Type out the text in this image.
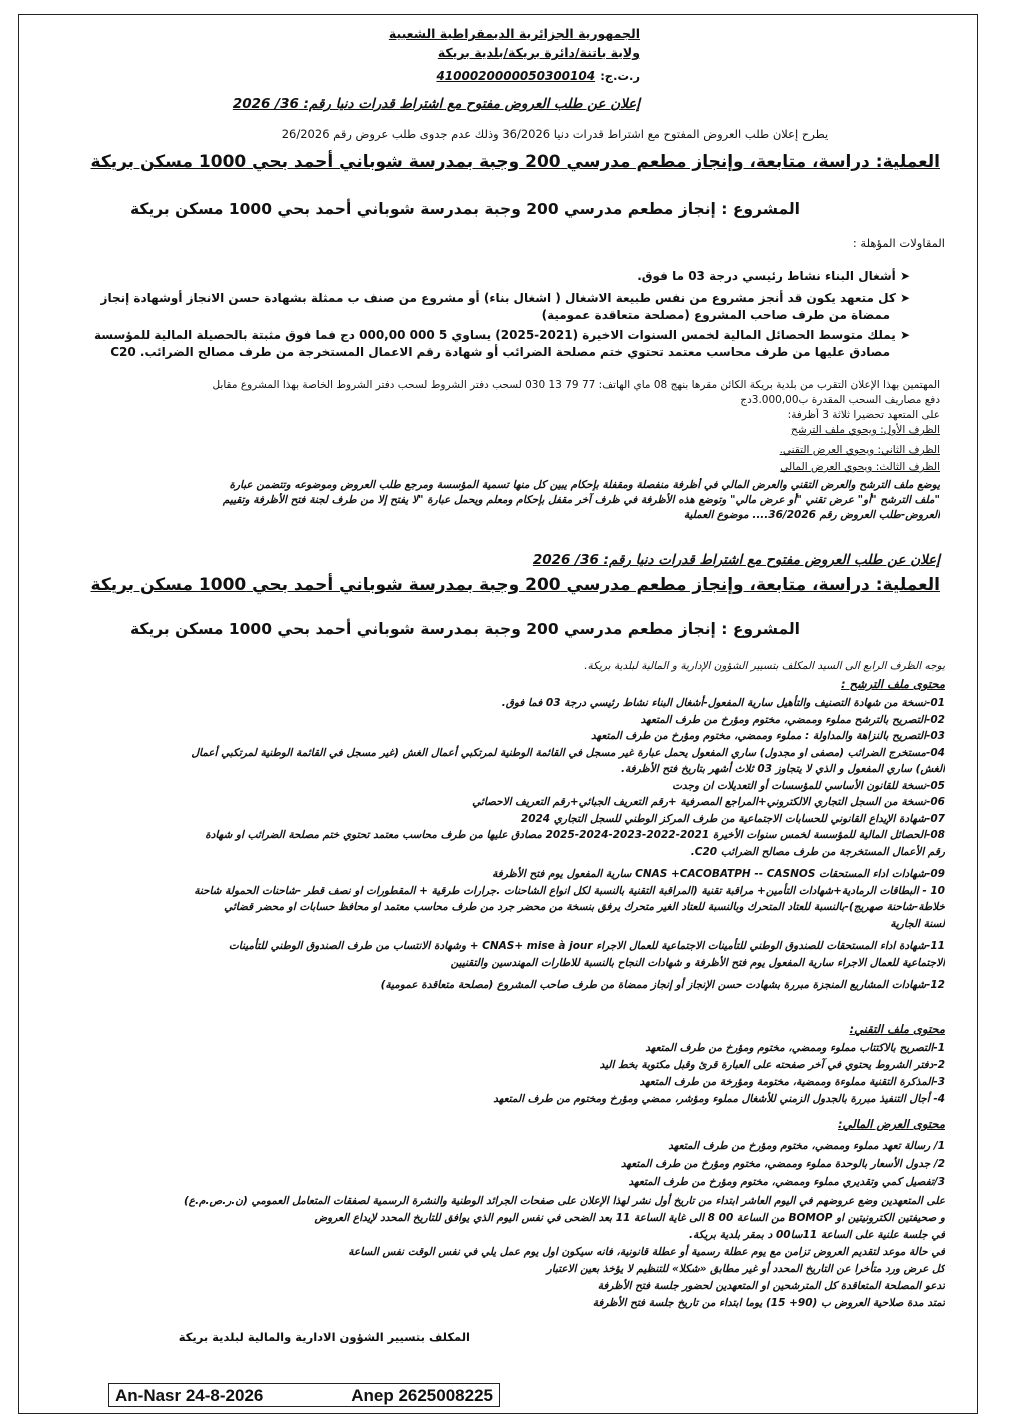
الجمهورية الجزائرية الديمقراطية الشعبية
ولاية باتنة/دائرة بريكة/بلدية بريكة
ر.ت.ج: 4100020000050300104
إعلان عن طلب العروض مفتوح مع اشتراط قدرات دنيا رقم: 36/ 2026
يطرح إعلان طلب العروض المفتوح مع اشتراط قدرات دنيا 36/2026 وذلك عدم جدوى طلب عروض رقم 26/2026
العملية: دراسة، متابعة، وإنجاز مطعم مدرسي 200 وجبة بمدرسة شوباني أحمد بحي 1000 مسكن بريكة
المشروع : إنجاز مطعم مدرسي 200 وجبة بمدرسة شوباني أحمد بحي 1000 مسكن بريكة
المقاولات المؤهلة :
➤ أشغال البناء نشاط رئيسي درجة 03 ما فوق.
➤ كل متعهد يكون قد أنجز مشروع من نفس طبيعة الاشغال ( اشغال بناء) أو مشروع من صنف ب ممثلة بشهادة حسن الانجاز أوشهادة إنجاز
ممضاة من طرف صاحب المشروع (مصلحة متعاقدة عمومية)
➤ يملك متوسط الحصائل المالية لخمس السنوات الاخيرة (2021-2025) يساوي 5 000 000,00 دج فما فوق مثبتة بالحصيلة المالية للمؤسسة
مصادق عليها من طرف محاسب معتمد تحتوي ختم مصلحة الضرائب أو شهادة رقم الاعمال المستخرجة من طرف مصالح الضرائب. C20
المهتمين بهذا الإعلان التقرب من بلدية بريكة الكائن مقرها بنهج 08 ماي الهاتف: 77 79 13 030 لسحب دفتر الشروط لسحب دفتر الشروط الخاصة بهذا المشروع مقابل
دفع مصاريف السحب المقدرة ب3.000,00دج
على المتعهد تحضيرا ثلاثة 3 أظرفة:
الظرف الأول: ويحوي ملف الترشح
الظرف الثاني: ويحوي العرض التقني.
الظرف الثالث: ويحوي العرض المالي
يوضع ملف الترشح والعرض التقني والعرض المالي في أظرفة منفصلة ومقفلة بإحكام يبين كل منها تسمية المؤسسة ومرجع طلب العروض وموضوعه وتتضمن عبارة
"ملف الترشح "أو" عرض تقني "أو عرض مالي" وتوضع هذه الأظرفة في ظرف آخر مقفل بإحكام ومعلم ويحمل عبارة "لا يفتح إلا من طرف لجنة فتح الأظرفة وتقييم
العروض-طلب العروض رقم 36/2026.... موضوع العملية
إعلان عن طلب العروض مفتوح مع اشتراط قدرات دنيا رقم: 36/ 2026
العملية: دراسة، متابعة، وإنجاز مطعم مدرسي 200 وجبة بمدرسة شوباني أحمد بحي 1000 مسكن بريكة
المشروع : إنجاز مطعم مدرسي 200 وجبة بمدرسة شوباني أحمد بحي 1000 مسكن بريكة
يوجه الظرف الرابع الى السيد المكلف بتسيير الشؤون الإدارية و المالية لبلدية بريكة.
محتوى ملف الترشح :
01-نسخة من شهادة التصنيف والتأهيل سارية المفعول-أشغال البناء نشاط رئيسي درجة 03 فما فوق.
02-التصريح بالترشح مملوء وممضي، مختوم ومؤرخ من طرف المتعهد
03-التصريح بالنزاهة والمداولة : مملوء وممضي، مختوم ومؤرخ من طرف المتعهد
04-مستخرج الضرائب (مصفى او مجدول) ساري المفعول يحمل عبارة غير مسجل في القائمة الوطنية لمرتكبي أعمال الغش (غير مسجل في القائمة الوطنية لمرتكبي أعمال
الغش) ساري المفعول و الذي لا يتجاوز 03 ثلاث أشهر بتاريخ فتح الأظرفة.
05-نسخة للقانون الأساسي للمؤسسات أو التعديلات ان وجدت
06-نسخة من السجل التجاري الالكتروني+المراجع المصرفية +رقم التعريف الجبائي+رقم التعريف الاحصائي
07-شهادة الإيداع القانوني للحسابات الاجتماعية من طرف المركز الوطني للسجل التجاري 2024
08-الحصائل المالية للمؤسسة لخمس سنوات الأخيرة 2021-2022-2023-2024-2025 مصادق عليها من طرف محاسب معتمد تحتوي ختم مصلحة الضرائب او شهادة
رقم الأعمال المستخرجة من طرف مصالح الضرائب C20.
09-شهادات اداء المستحقات CNAS +CACOBATPH -- CASNOS سارية المفعول يوم فتح الأظرفة
10 - البطاقات الرمادية+شهادات التأمين+ مراقبة تقنية (المراقبة التقنية بالنسبة لكل انواع الشاحنات .جرارات طرقية + المقطورات او نصف قطر -شاحنات الحمولة شاحنة
خلاطة-شاحنة صهريج)-بالنسبة للعتاد المتحرك وبالنسبة للعتاد الغير متحرك يرفق بنسخة من محضر جرد من طرف محاسب معتمد او محافظ حسابات او محضر قضائي
لسنة الجارية
11-شهادة اداء المستحقات للصندوق الوطني للتأمينات الاجتماعية للعمال الاجراء CNAS+ mise à jour + وشهادة الانتساب من طرف الصندوق الوطني للتأمينات
الاجتماعية للعمال الاجراء سارية المفعول يوم فتح الأظرفة و شهادات النجاح بالنسبة للاطارات المهندسين والتقنيين
12-شهادات المشاريع المنجزة مبررة بشهادت حسن الإنجاز أو إنجاز ممضاة من طرف صاحب المشروع (مصلحة متعاقدة عمومية)
محتوى ملف التقني:
1-التصريح بالاكتتاب مملوء وممضي، مختوم ومؤرخ من طرف المتعهد
2-دفتر الشروط يحتوي في آخر صفحته على العبارة قرئ وقبل مكتوبة بخط اليد
3-المذكرة التقنية مملوءة وممضية، مختومة ومؤرخة من طرف المتعهد
4- أجال التنفيذ مبررة بالجدول الزمني للأشغال مملوء ومؤشر، ممضي ومؤرخ ومختوم من طرف المتعهد
محتوى العرض المالي:
1/ رسالة تعهد مملوء وممضي، مختوم ومؤرخ من طرف المتعهد
2/ جدول الأسعار بالوحدة مملوء وممضي، مختوم ومؤرخ من طرف المتعهد
3/تفصيل كمي وتقديري مملوء وممضي، مختوم ومؤرخ من طرف المتعهد
على المتعهدين وضع عروضهم في اليوم العاشر ابتداء من تاريخ أول نشر لهذا الإعلان على صفحات الجرائد الوطنية والنشرة الرسمية لصفقات المتعامل العمومي (ن.ر.ص.م.ع)
و صحيفتين الكترونيتين او BOMOP من الساعة 00 8 الى غاية الساعة 11 بعد الضحى في نفس اليوم الذي يوافق للتاريخ المحدد لإيداع العروض
في جلسة علنية على الساعة 11سا00 د بمقر بلدية بريكة.
في حالة موعد لتقديم العروض تزامن مع يوم عطلة رسمية أو عطلة قانونية، فانه سيكون اول يوم عمل يلي في نفس الوقت نفس الساعة
كل عرض ورد متأخرا عن التاريخ المحدد أو غير مطابق «شكلا» للتنظيم لا يؤخذ بعين الاعتبار
تدعو المصلحة المتعاقدة كل المترشحين او المتعهدين لحضور جلسة فتح الأظرفة
تمتد مدة صلاحية العروض ب (90+ 15) يوما ابتداء من تاريخ جلسة فتح الأظرفة
المكلف بتسيير الشؤون الادارية والمالية لبلدية بريكة
An-Nasr 24-8-2026	Anep 2625008225
